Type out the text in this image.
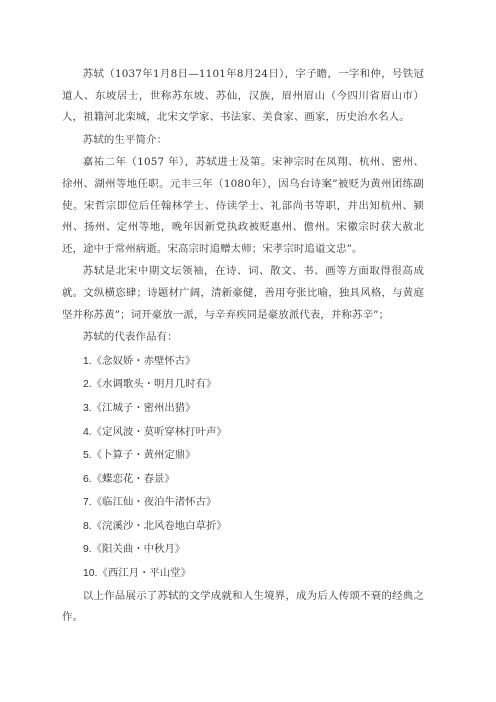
苏轼（1037年1月8日—1101年8月24日），字子瞻，一字和仲，号铁冠道人、东坡居士，世称苏东坡、苏仙，汉族，眉州眉山（今四川省眉山市）人，祖籍河北栾城，北宋文学家、书法家、美食家、画家，历史治水名人。

苏轼的生平简介：

嘉祐二年（1057 年），苏轼进士及第。宋神宗时在凤翔、杭州、密州、徐州、湖州等地任职。元丰三年（1080年），因乌台诗案”被贬为黄州团练副使。宋哲宗即位后任翰林学士、侍读学士、礼部尚书等职，并出知杭州、颍州、扬州、定州等地，晚年因新党执政被贬惠州、儋州。宋徽宗时获大赦北还，途中于常州病逝。宋高宗时追赠太师；宋孝宗时追谥文忠”。

苏轼是北宋中期文坛领袖，在诗、词、散文、书、画等方面取得很高成就。文纵横恣肆；诗题材广阔，清新豪健，善用夸张比喻，独具风格，与黄庭坚并称苏黄”；词开豪放一派，与辛弃疾同是豪放派代表，并称苏辛”；

苏轼的代表作品有：

1.《念奴娇・赤壁怀古》
2.《水调歌头・明月几时有》
3.《江城子・密州出猎》
4.《定风波・莫听穿林打叶声》
5.《卜算子・黄州定鼎》
6.《蝶恋花・春景》
7.《临江仙・夜泊牛渚怀古》
8.《浣溪沙・北风卷地白草折》
9.《阳关曲・中秋月》
10.《西江月・平山堂》

以上作品展示了苏轼的文学成就和人生境界，成为后人传颂不衰的经典之作。
